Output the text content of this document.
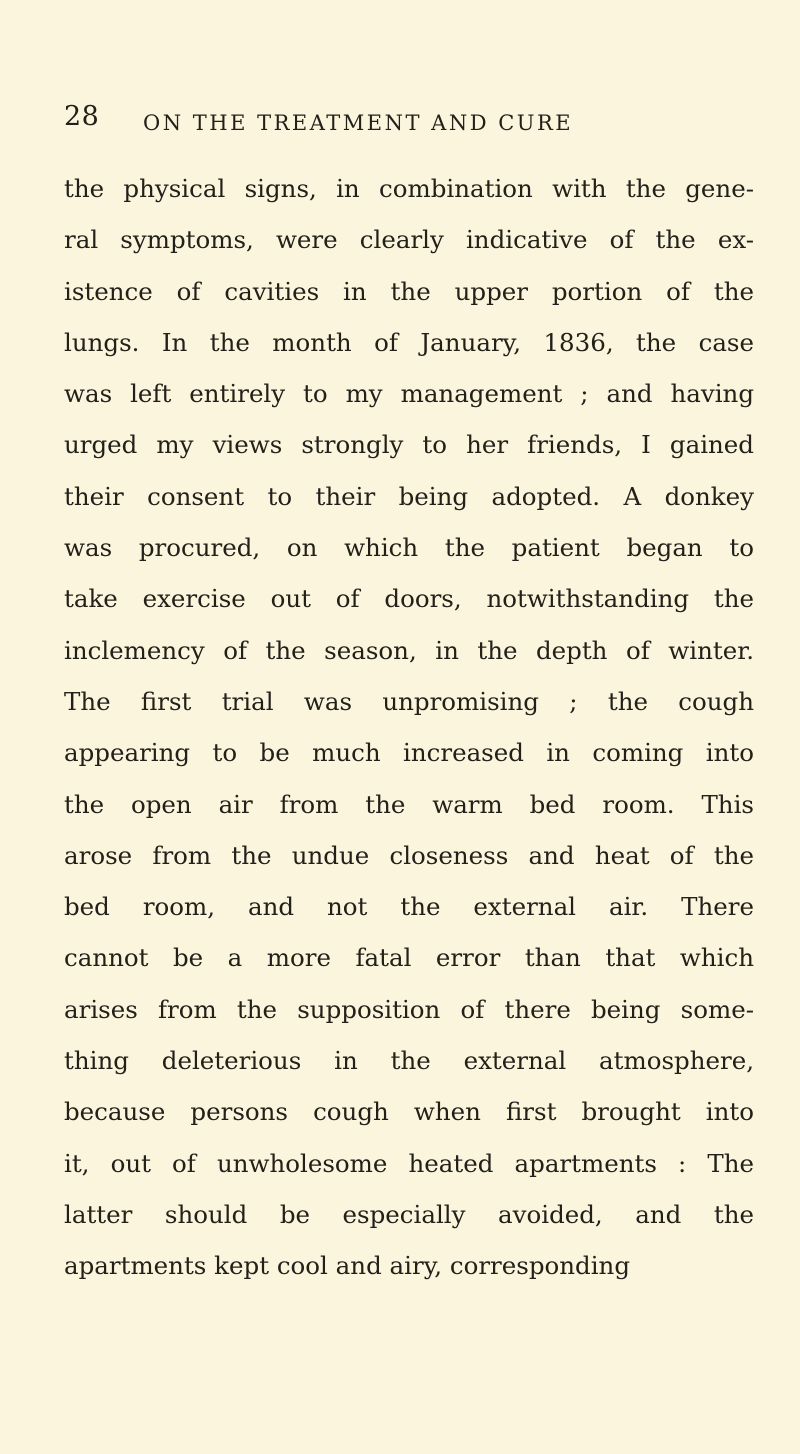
28 ON THE TREATMENT AND CURE
the physical signs, in combination with the gene-
ral symptoms, were clearly indicative of the ex-
istence of cavities in the upper portion of the
lungs. In the month of January, 1836, the case
was left entirely to my management ; and having
urged my views strongly to her friends, I gained
their consent to their being adopted. A donkey
was procured, on which the patient began to
take exercise out of doors, notwithstanding the
inclemency of the season, in the depth of winter.
The first trial was unpromising ; the cough
appearing to be much increased in coming into
the open air from the warm bed room. This
arose from the undue closeness and heat of the
bed room, and not the external air. There
cannot be a more fatal error than that which
arises from the supposition of there being some-
thing deleterious in the external atmosphere,
because persons cough when first brought into
it, out of unwholesome heated apartments : The
latter should be especially avoided, and the
apartments kept cool and airy, corresponding
